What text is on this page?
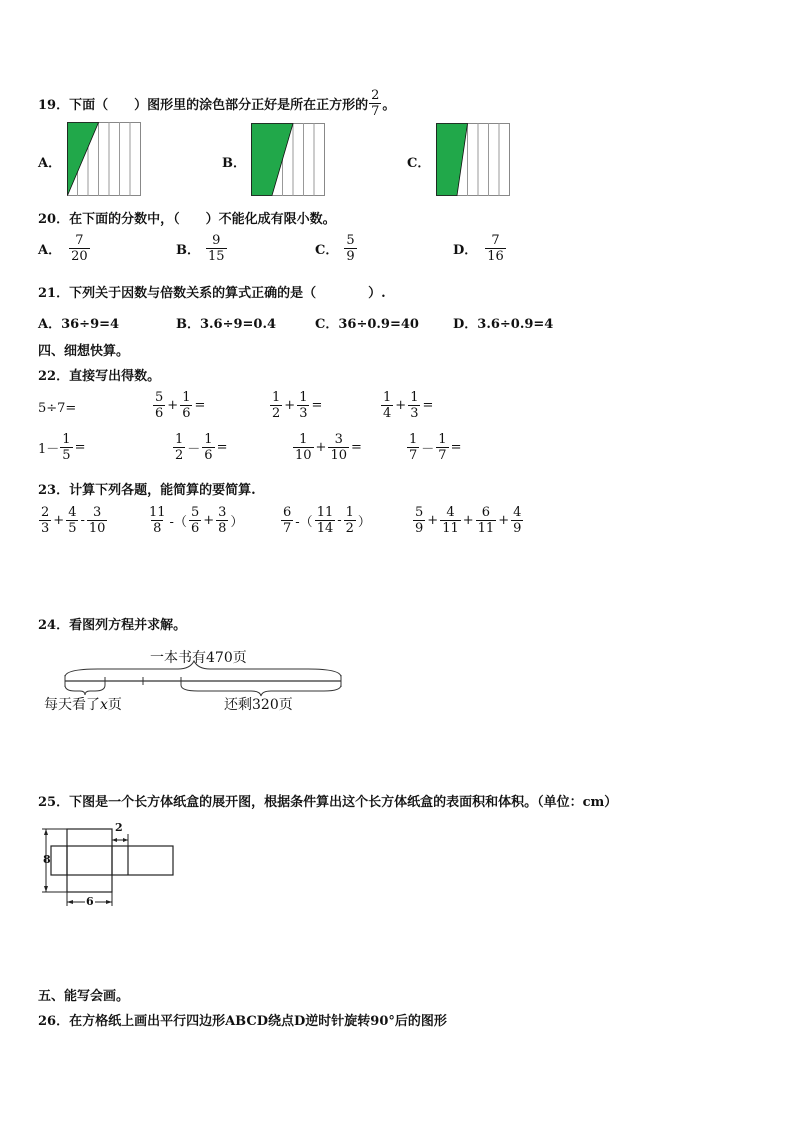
19．下面（　　）图形里的涂色部分正好是所在正方形的 $\frac{2}{7}$ 。
A．	B．	C．
20．在下面的分数中，（　　）不能化成有限小数。
A． $\frac{7}{20}$	B． $\frac{9}{15}$	C． $\frac{5}{9}$	D． $\frac{7}{16}$
21．下列关于因数与倍数关系的算式正确的是（　　　　）.
A．36÷9=4	B．3.6÷9=0.4	C．36÷0.9=40	D．3.6÷0.9=4
四、细想快算。
22．直接写出得数。
5÷7=	$\frac{5}{6} + \frac{1}{6}$ =	$\frac{1}{2} + \frac{1}{3}$ =	$\frac{1}{4} + \frac{1}{3}$ =
$1- \frac{1}{5}$ =	$\frac{1}{2} - \frac{1}{6}$ =	$\frac{1}{10} + \frac{3}{10}$ =	$\frac{1}{7} - \frac{1}{7}$ =
23．计算下列各题，能简算的要简算.
$\frac{2}{3} + \frac{4}{5} - \frac{3}{10}$	$\frac{11}{8}$ -（ $\frac{5}{6} + \frac{3}{8}$ ）	$\frac{6}{7}$ -（ $\frac{11}{14} - \frac{1}{2}$ ）	$\frac{5}{9} + \frac{4}{11} + \frac{6}{11} + \frac{4}{9}$
24．看图列方程并求解。
一本书有470页
每天看了x页	还剩320页
25．下图是一个长方体纸盒的展开图，根据条件算出这个长方体纸盒的表面积和体积。（单位：cm）
2
8
6
五、能写会画。
26．在方格纸上画出平行四边形ABCD绕点D逆时针旋转90°后的图形
